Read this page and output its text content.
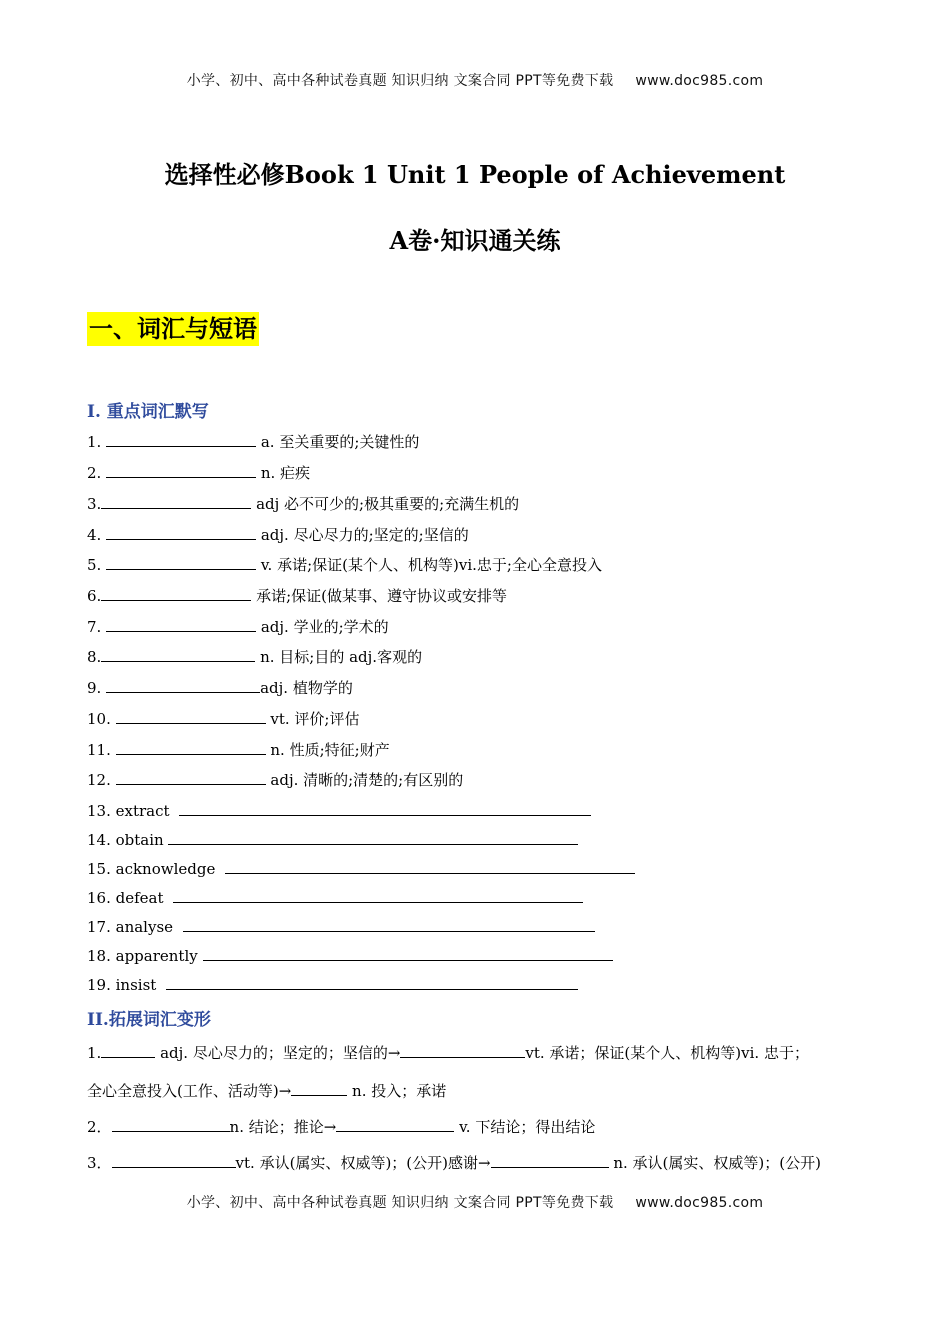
小学、初中、高中各种试卷真题 知识归纳 文案合同 PPT等免费下载 www.doc985.com
选择性必修Book 1 Unit 1 People of Achievement
A卷·知识通关练
一、词汇与短语
I. 重点词汇默写
1.	a. 至关重要的;关键性的
2.	n. 疟疾
3.	adj 必不可少的;极其重要的;充满生机的
4.	adj. 尽心尽力的;坚定的;坚信的
5.	v. 承诺;保证(某个人、机构等)vi.忠于;全心全意投入
6.	承诺;保证(做某事、遵守协议或安排等
7.	adj. 学业的;学术的
8.	n. 目标;目的 adj.客观的
9.	adj. 植物学的
10.	vt. 评价;评估
11.	n. 性质;特征;财产
12.	adj. 清晰的;清楚的;有区别的
13. extract
14. obtain
15. acknowledge
16. defeat
17. analyse
18. apparently
19. insist
II.拓展词汇变形
1.	adj. 尽心尽力的；坚定的；坚信的→	vt. 承诺；保证(某个人、机构等)vi. 忠于；
全心全意投入(工作、活动等)→	n. 投入；承诺
2．	n. 结论；推论→	v. 下结论；得出结论
3．	vt. 承认(属实、权威等)；(公开)感谢→	n. 承认(属实、权威等)；(公开)
小学、初中、高中各种试卷真题 知识归纳 文案合同 PPT等免费下载 www.doc985.com
